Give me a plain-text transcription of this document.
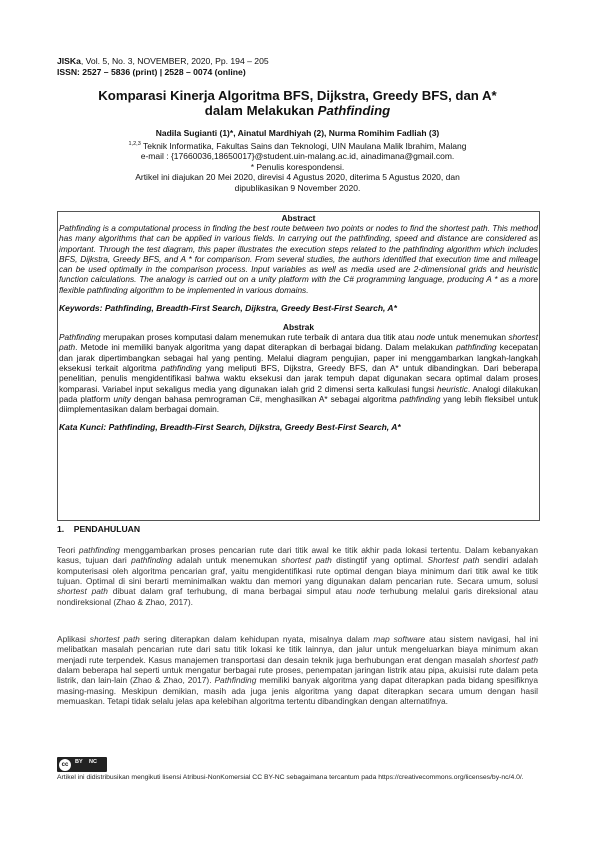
JISKa, Vol. 5, No. 3, NOVEMBER, 2020, Pp. 194 – 205
ISSN: 2527 – 5836 (print) | 2528 – 0074 (online)
Komparasi Kinerja Algoritma BFS, Dijkstra, Greedy BFS, dan A*
dalam Melakukan Pathfinding
Nadila Sugianti (1)*, Ainatul Mardhiyah (2), Nurma Romihim Fadliah (3)
$^{1,2,3}$ Teknik Informatika, Fakultas Sains dan Teknologi, UIN Maulana Malik Ibrahim, Malang
e-mail : {17660036,18650017}@student.uin-malang.ac.id, ainadimana@gmail.com.
* Penulis korespondensi.
Artikel ini diajukan 20 Mei 2020, direvisi 4 Agustus 2020, diterima 5 Agustus 2020, dan
dipublikasikan 9 November 2020.
Abstract
Pathfinding is a computational process in finding the best route between two points or nodes to find the shortest path. This method has many algorithms that can be applied in various fields. In carrying out the pathfinding, speed and distance are considered as important. Through the test diagram, this paper illustrates the execution steps related to the pathfinding algorithm which includes BFS, Dijkstra, Greedy BFS, and A * for comparison. From several studies, the authors identified that execution time and mileage can be used optimally in the comparison process. Input variables as well as media used are 2-dimensional grids and heuristic function calculations. The analogy is carried out on a unity platform with the C# programming language, producing A * as a more flexible pathfinding algorithm to be implemented in various domains.
Keywords: Pathfinding, Breadth-First Search, Dijkstra, Greedy Best-First Search, A*
Abstrak
Pathfinding merupakan proses komputasi dalam menemukan rute terbaik di antara dua titik atau node untuk menemukan shortest path. Metode ini memiliki banyak algoritma yang dapat diterapkan di berbagai bidang. Dalam melakukan pathfinding kecepatan dan jarak dipertimbangkan sebagai hal yang penting. Melalui diagram pengujian, paper ini menggambarkan langkah-langkah eksekusi terkait algoritma pathfinding yang meliputi BFS, Dijkstra, Greedy BFS, dan A* untuk dibandingkan. Dari beberapa penelitian, penulis mengidentifikasi bahwa waktu eksekusi dan jarak tempuh dapat digunakan secara optimal dalam proses komparasi. Variabel input sekaligus media yang digunakan ialah grid 2 dimensi serta kalkulasi fungsi heuristic. Analogi dilakukan pada platform unity dengan bahasa pemrograman C#, menghasilkan A* sebagai algoritma pathfinding yang lebih fleksibel untuk diimplementasikan dalam berbagai domain.
Kata Kunci: Pathfinding, Breadth-First Search, Dijkstra, Greedy Best-First Search, A*
1.    PENDAHULUAN
Teori pathfinding menggambarkan proses pencarian rute dari titik awal ke titik akhir pada lokasi tertentu. Dalam kebanyakan kasus, tujuan dari pathfinding adalah untuk menemukan shortest path distingtif yang optimal. Shortest path sendiri adalah komputerisasi oleh algoritma pencarian graf, yaitu mengidentifikasi rute optimal dengan biaya minimum dari titik awal ke titik tujuan. Optimal di sini berarti meminimalkan waktu dan memori yang digunakan dalam pencarian rute. Secara umum, solusi shortest path dibuat dalam graf terhubung, di mana berbagai simpul atau node terhubung melalui garis direksional atau nondireksional (Zhao & Zhao, 2017).
Aplikasi shortest path sering diterapkan dalam kehidupan nyata, misalnya dalam map software atau sistem navigasi, hal ini melibatkan masalah pencarian rute dari satu titik lokasi ke titik lainnya, dan jalur untuk mengeluarkan biaya minimum akan menjadi rute terpendek. Kasus manajemen transportasi dan desain teknik juga berhubungan erat dengan masalah shortest path dalam beberapa hal seperti untuk mengatur berbagai rute proses, penempatan jaringan listrik atau pipa, akuisisi rute dalam peta listrik, dan lain-lain (Zhao & Zhao, 2017). Pathfinding memiliki banyak algoritma yang dapat diterapkan pada bidang spesifiknya masing-masing. Meskipun demikian, masih ada juga jenis algoritma yang dapat diterapkan secara umum dengan hasil memuaskan. Tetapi tidak selalu jelas apa kelebihan algoritma tertentu dibandingkan dengan alternatifnya.
cc	BY NC
Artikel ini didistribusikan mengikuti lisensi Atribusi-NonKomersial CC BY-NC sebagaimana tercantum pada https://creativecommons.org/licenses/by-nc/4.0/.
